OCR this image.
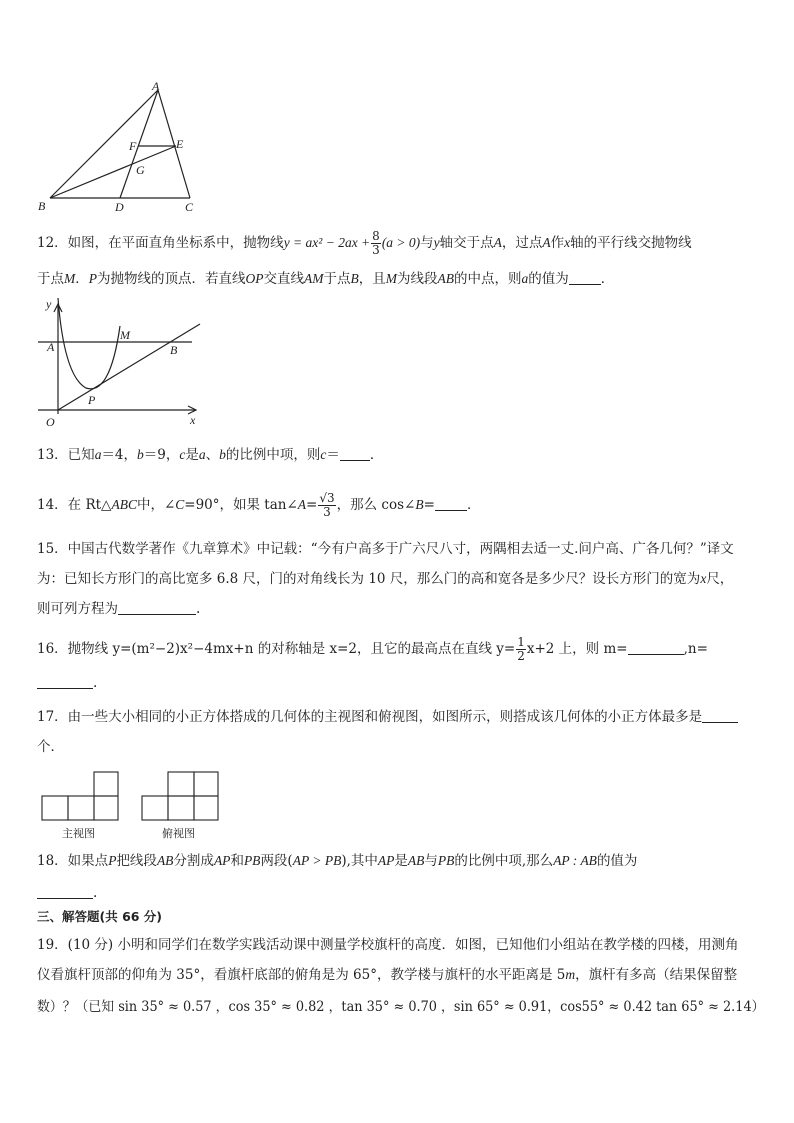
A
B	C
D
E
F
G
12．如图，在平面直角坐标系中，抛物线$y = ax^2 - 2ax + \frac{8}{3} (a > 0)$与y轴交于点A，过点A作x轴的平行线交抛物线
于点M．P为抛物线的顶点．若直线OP交直线AM于点B，且M为线段AB的中点，则a的值为 ．
y
A
M
B
P
O	x
13．已知a＝4，b＝9，c是a、b的比例中项，则c＝ ．
14．在 Rt△ABC中，∠C=90°，如果 tan∠A= $\frac{√3}{3}$ ，那么 cos∠B= ．
15．中国古代数学著作《九章算术》中记载：“今有户高多于广六尺八寸，两隅相去适一丈.问户高、广各几何？”译文
为：已知长方形门的高比宽多 6.8 尺，门的对角线长为 10 尺，那么门的高和宽各是多少尺？设长方形门的宽为x尺，
则可列方程为	.
16．抛物线 y=(m²−2)x²−4mx+n 的对称轴是 x=2，且它的最高点在直线 $y= \frac{1}{2} x+2$ 上，则 m=	,n=
.
17．由一些大小相同的小正方体搭成的几何体的主视图和俯视图，如图所示，则搭成该几何体的小正方体最多是
个．
主视图	俯视图
18．如果点P把线段AB分割成AP和PB两段(AP > PB),其中AP是AB与PB的比例中项,那么AP : AB的值为
.
三、解答题(共 66 分)
19．(10 分) 小明和同学们在数学实践活动课中测量学校旗杆的高度．如图，已知他们小组站在教学楼的四楼，用测角
仪看旗杆顶部的仰角为 35°，看旗杆底部的俯角是为 65°，教学楼与旗杆的水平距离是 5m，旗杆有多高（结果保留整
数）？（已知 sin 35° ≈ 0.57 ，cos 35° ≈ 0.82 ，tan 35° ≈ 0.70 ，sin 65° ≈ 0.91，cos55° ≈ 0.42 tan 65° ≈ 2.14）
